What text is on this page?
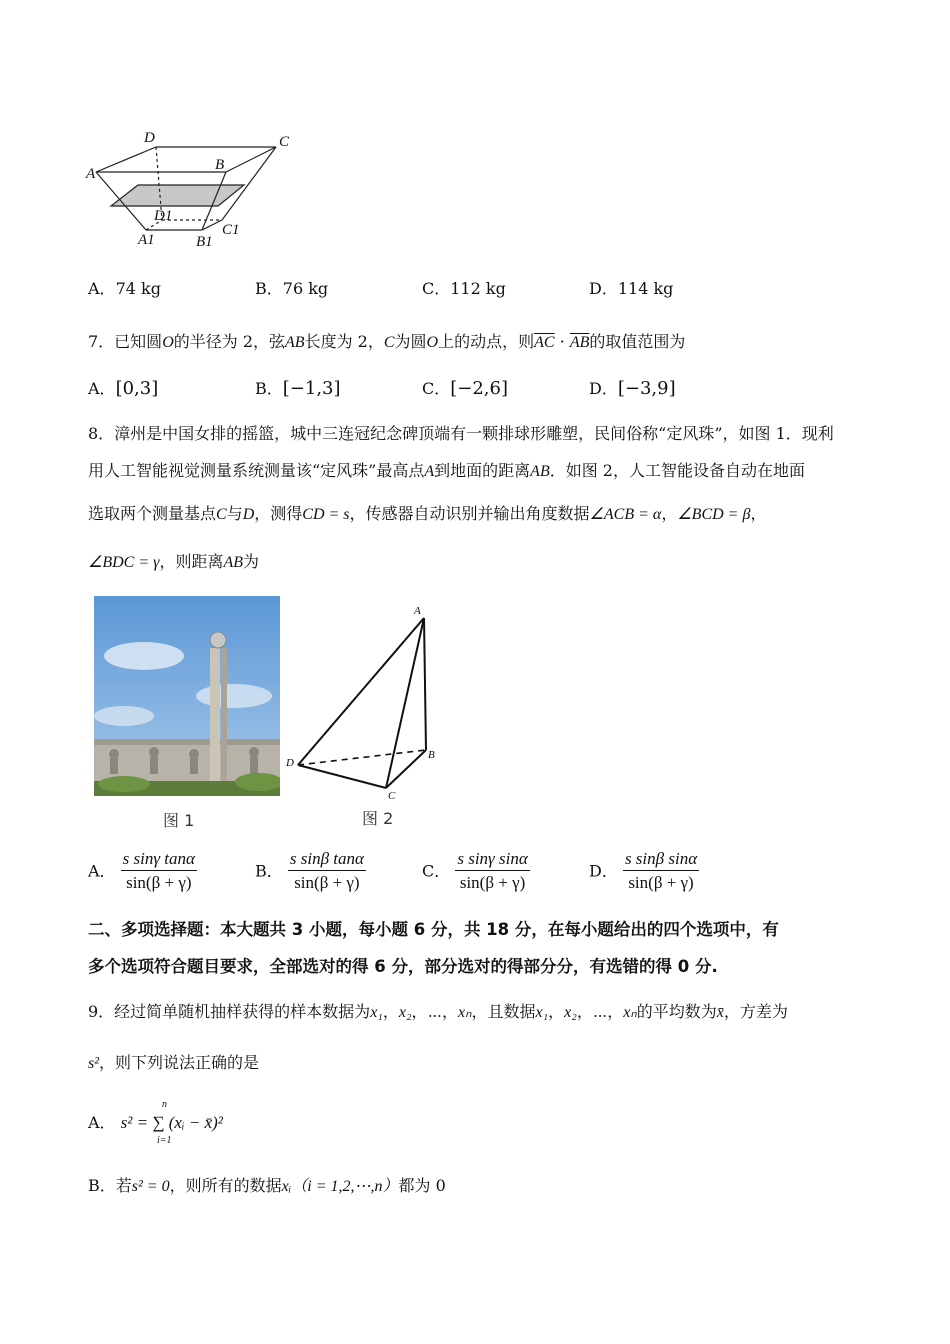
D	C
A
B
D1
A1	B1
C1
A．74 kg	B．76 kg	C．112 kg	D．114 kg
7．已知圆O的半径为 2，弦AB长度为 2，C为圆O上的动点，则$\overline{AC} \cdot \overline{AB}$的取值范围为
A．[0,3]	B．[−1,3]	C．[−2,6]	D．[−3,9]
8．漳州是中国女排的摇篮，城中三连冠纪念碑顶端有一颗排球形雕塑，民间俗称“定风珠”，如图 1．现利
用人工智能视觉测量系统测量该“定风珠”最高点A到地面的距离AB．如图 2，人工智能设备自动在地面
选取两个测量基点C与D，测得CD = s，传感器自动识别并输出角度数据∠ACB = α，∠BCD = β，
∠BDC = γ，则距离AB为
图 1
A
B
C
D
图 2
A． $\frac{\text{s sinγ tanα}}{\sin(\beta + \gamma)}$	B． $\frac{\text{s sinβ tanα}}{\sin(\beta + \gamma)}$	C． $\frac{\text{s sinγ sinα}}{\sin(\beta + \gamma)}$	D． $\frac{\text{s sinβ sinα}}{\sin(\beta + \gamma)}$
二、多项选择题：本大题共 3 小题，每小题 6 分，共 18 分，在每小题给出的四个选项中，有
多个选项符合题目要求，全部选对的得 6 分，部分选对的得部分分，有选错的得 0 分.
9．经过简单随机抽样获得的样本数据为x₁，x₂，⋯，xₙ，且数据x₁，x₂，⋯，xₙ的平均数为x̄，方差为
s²，则下列说法正确的是
A． s² = ∑ (xᵢ − x̄)²
n
i=1
B．若s² = 0，则所有的数据xᵢ（i = 1,2,⋯,n）都为 0
